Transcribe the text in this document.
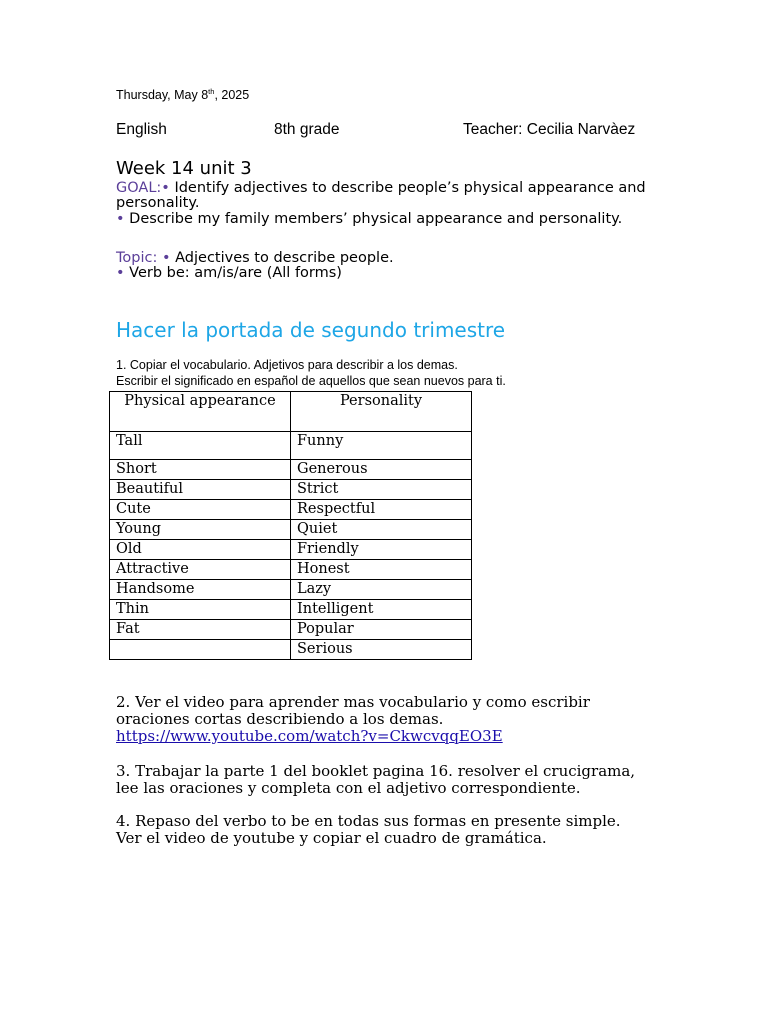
Thursday, May 8th, 2025
English	8th grade	Teacher: Cecilia Narvàez
Week 14 unit 3
GOAL:• Identify adjectives to describe people’s physical appearance and
personality.
• Describe my family members’ physical appearance and personality.
Topic: • Adjectives to describe people.
• Verb be: am/is/are (All forms)
Hacer la portada de segundo trimestre
1. Copiar el vocabulario. Adjetivos para describir a los demas.
Escribir el significado en español de aquellos que sean nuevos para ti.
Physical appearance	Personality
Tall	Funny
Short	Generous
Beautiful	Strict
Cute	Respectful
Young	Quiet
Old	Friendly
Attractive	Honest
Handsome	Lazy
Thin	Intelligent
Fat	Popular
	Serious
2. Ver el video para aprender mas vocabulario y como escribir
oraciones cortas describiendo a los demas.
https://www.youtube.com/watch?v=CkwcvqqEO3E
3. Trabajar la parte 1 del booklet pagina 16. resolver el crucigrama,
lee las oraciones y completa con el adjetivo correspondiente.
4. Repaso del verbo to be en todas sus formas en presente simple.
Ver el video de youtube y copiar el cuadro de gramática.
